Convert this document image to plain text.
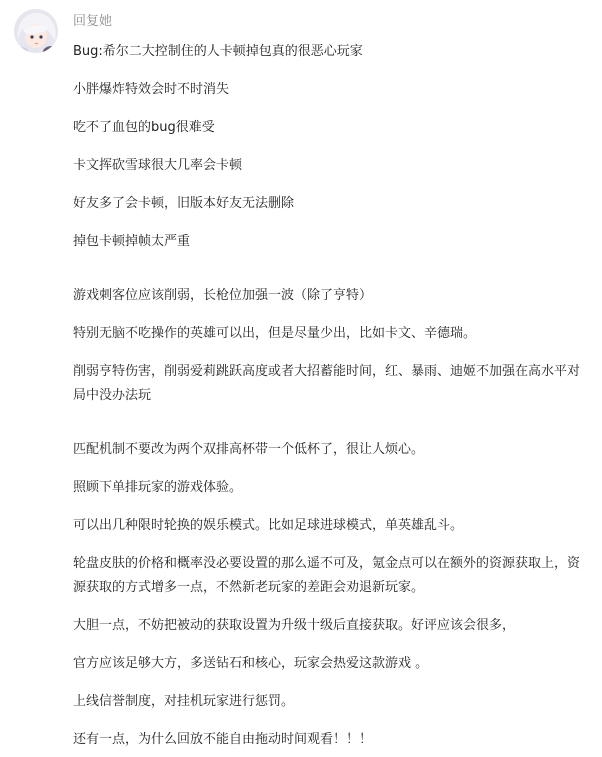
回复她

Bug:希尔二大控制住的人卡顿掉包真的很恶心玩家

小胖爆炸特效会时不时消失

吃不了血包的bug很难受

卡文挥砍雪球很大几率会卡顿

好友多了会卡顿，旧版本好友无法删除

掉包卡顿掉帧太严重

游戏刺客位应该削弱，长枪位加强一波（除了亨特）

特别无脑不吃操作的英雄可以出，但是尽量少出，比如卡文、辛德瑞。

削弱亨特伤害，削弱爱莉跳跃高度或者大招蓄能时间，红、暴雨、迪姬不加强在高水平对局中没办法玩

匹配机制不要改为两个双排高杯带一个低杯了，很让人烦心。

照顾下单排玩家的游戏体验。

可以出几种限时轮换的娱乐模式。比如足球进球模式，单英雄乱斗。

轮盘皮肤的价格和概率没必要设置的那么遥不可及，氪金点可以在额外的资源获取上，资源获取的方式增多一点，不然新老玩家的差距会劝退新玩家。

大胆一点，不妨把被动的获取设置为升级十级后直接获取。好评应该会很多，

官方应该足够大方，多送钻石和核心，玩家会热爱这款游戏 。

上线信誉制度，对挂机玩家进行惩罚。

还有一点，为什么回放不能自由拖动时间观看！！！
